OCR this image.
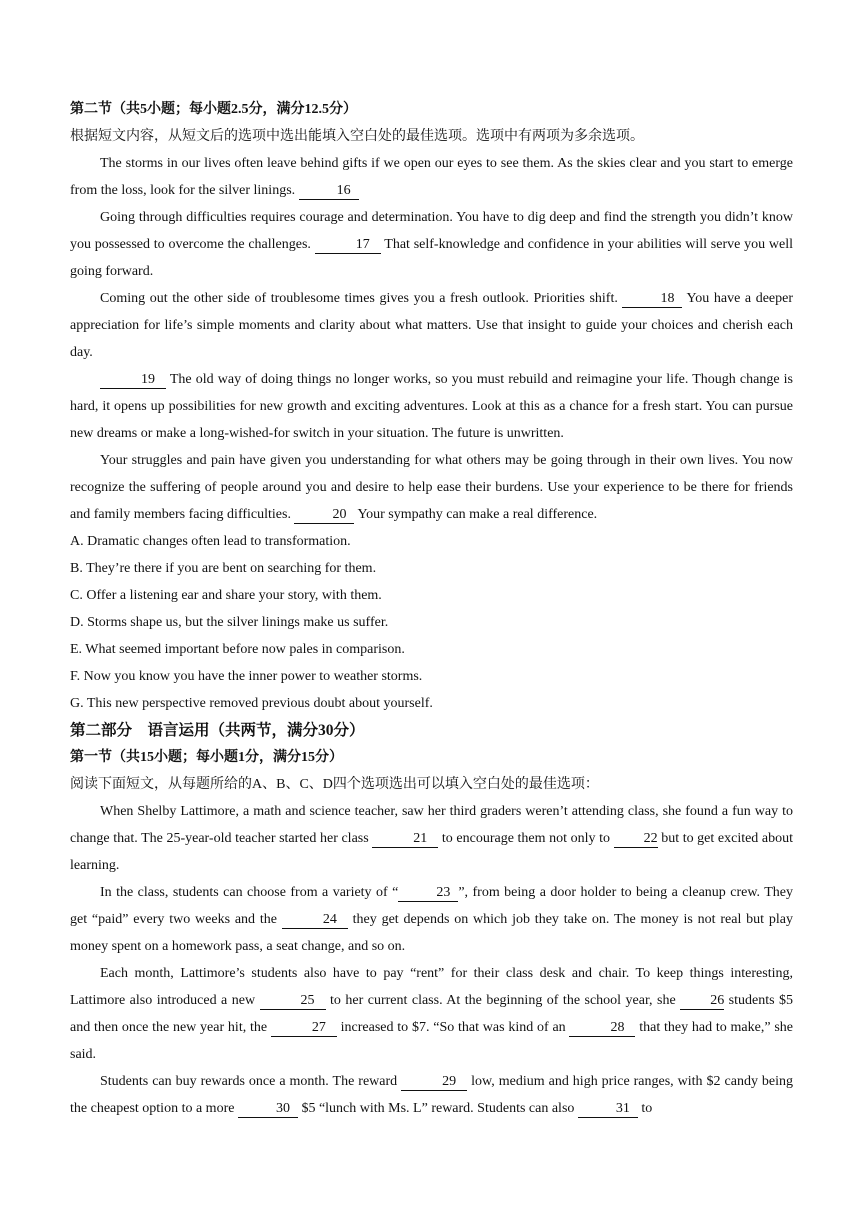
第二节（共5小题；每小题2.5分，满分12.5分）

根据短文内容，从短文后的选项中选出能填入空白处的最佳选项。选项中有两项为多余选项。

The storms in our lives often leave behind gifts if we open our eyes to see them. As the skies clear and you start to emerge from the loss, look for the silver linings.	16

Going through difficulties requires courage and determination. You have to dig deep and find the strength you didn’t know you possessed to overcome the challenges.	17 That self-knowledge and confidence in your abilities will serve you well going forward.

Coming out the other side of troublesome times gives you a fresh outlook. Priorities shift.	18 You have a deeper appreciation for life’s simple moments and clarity about what matters. Use that insight to guide your choices and cherish each day.

19 The old way of doing things no longer works, so you must rebuild and reimagine your life. Though change is hard, it opens up possibilities for new growth and exciting adventures. Look at this as a chance for a fresh start. You can pursue new dreams or make a long-wished-for switch in your situation. The future is unwritten.

Your struggles and pain have given you understanding for what others may be going through in their own lives. You now recognize the suffering of people around you and desire to help ease their burdens. Use your experience to be there for friends and family members facing difficulties.	20 Your sympathy can make a real difference.

A. Dramatic changes often lead to transformation.

B. They’re there if you are bent on searching for them.

C. Offer a listening ear and share your story, with them.

D. Storms shape us, but the silver linings make us suffer.

E. What seemed important before now pales in comparison.

F. Now you know you have the inner power to weather storms.

G. This new perspective removed previous doubt about yourself.

第二部分　语言运用（共两节，满分30分）
第一节（共15小题；每小题1分，满分15分）

阅读下面短文，从每题所给的A、B、C、D四个选项选出可以填入空白处的最佳选项：

When Shelby Lattimore, a math and science teacher, saw her third graders weren’t attending class, she found a fun way to change that. The 25-year-old teacher started her class	21 to encourage them not only to 22 but to get excited about learning.

In the class, students can choose from a variety of “	23 ”, from being a door holder to being a cleanup crew. They get “paid” every two weeks and the	24 they get depends on which job they take on. The money is not real but play money spent on a homework pass, a seat change, and so on.

Each month, Lattimore’s students also have to pay “rent” for their class desk and chair. To keep things interesting, Lattimore also introduced a new	25 to her current class. At the beginning of the school year, she 26 students $5 and then once the new year hit, the	27 increased to $7. “So that was kind of an	28 that they had to make,” she said.

Students can buy rewards once a month. The reward	29 low, medium and high price ranges, with $2 candy being the cheapest option to a more	30 $5 “lunch with Ms. L” reward. Students can also	31 to
